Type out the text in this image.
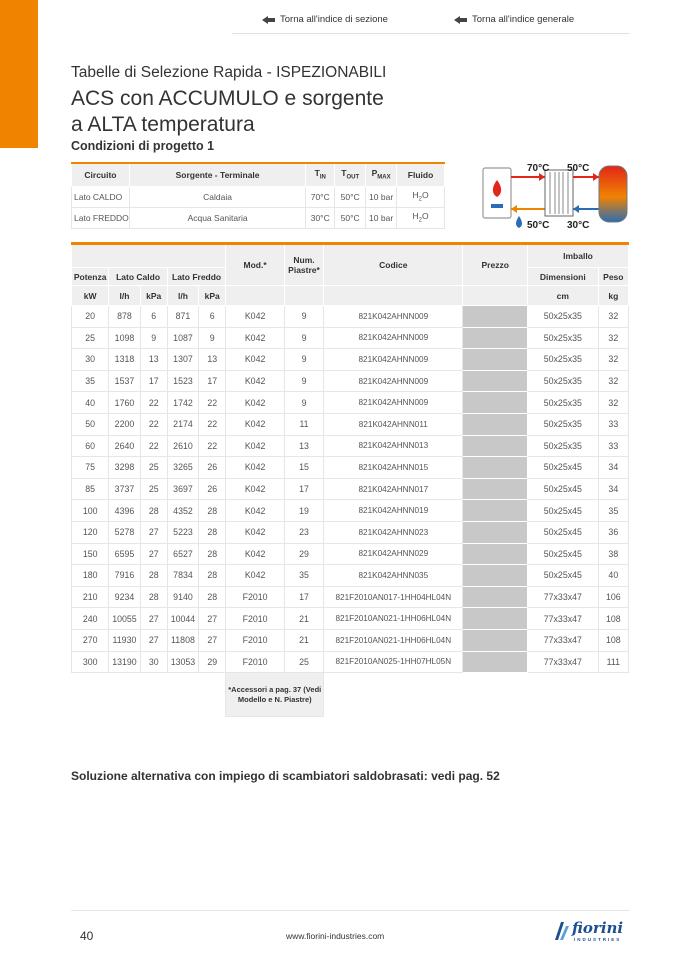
Torna all'indice di sezione	Torna all'indice generale
Tabelle di Selezione Rapida - ISPEZIONABILI
ACS con ACCUMULO e sorgente
a ALTA temperatura
Condizioni di progetto 1
Circuito	Sorgente - Terminale	$T_{IN}$	$T_{OUT}$	$P_{MAX}$	Fluido
Lato CALDO	Caldaia	70°C	50°C	10 bar	$H_2O$
Lato FREDDO	Acqua Sanitaria	30°C	50°C	10 bar	$H_2O$
70°C 50°C
50°C 30°C
					Mod.*	Num. Piastre*	Codice	Prezzo	Imballo	
Potenza	Lato Caldo		Lato Freddo						Dimensioni	Peso
kW	l/h	kPa	l/h	kPa					cm	kg
20	878	6	871	6	K042	9	821K042AHNN009		50x25x35	32
25	1098	9	1087	9	K042	9	821K042AHNN009		50x25x35	32
30	1318	13	1307	13	K042	9	821K042AHNN009		50x25x35	32
35	1537	17	1523	17	K042	9	821K042AHNN009		50x25x35	32
40	1760	22	1742	22	K042	9	821K042AHNN009		50x25x35	32
50	2200	22	2174	22	K042	11	821K042AHNN011		50x25x35	33
60	2640	22	2610	22	K042	13	821K042AHNN013		50x25x35	33
75	3298	25	3265	26	K042	15	821K042AHNN015		50x25x45	34
85	3737	25	3697	26	K042	17	821K042AHNN017		50x25x45	34
100	4396	28	4352	28	K042	19	821K042AHNN019		50x25x45	35
120	5278	27	5223	28	K042	23	821K042AHNN023		50x25x45	36
150	6595	27	6527	28	K042	29	821K042AHNN029		50x25x45	38
180	7916	28	7834	28	K042	35	821K042AHNN035		50x25x45	40
210	9234	28	9140	28	F2010	17	821F2010AN017-1HH04HL04N		77x33x47	106
240	10055	27	10044	27	F2010	21	821F2010AN021-1HH06HL04N		77x33x47	108
270	11930	27	11808	27	F2010	21	821F2010AN021-1HH06HL04N		77x33x47	108
300	13190	30	13053	29	F2010	25	821F2010AN025-1HH07HL05N		77x33x47	111
					*Accessori a pag. 37 (Vedi Modello e N. Piastre)					
Soluzione alternativa con impiego di scambiatori saldobrasati: vedi pag. 52
40	www.fiorini-industries.com	fiorini
INDUSTRIES
